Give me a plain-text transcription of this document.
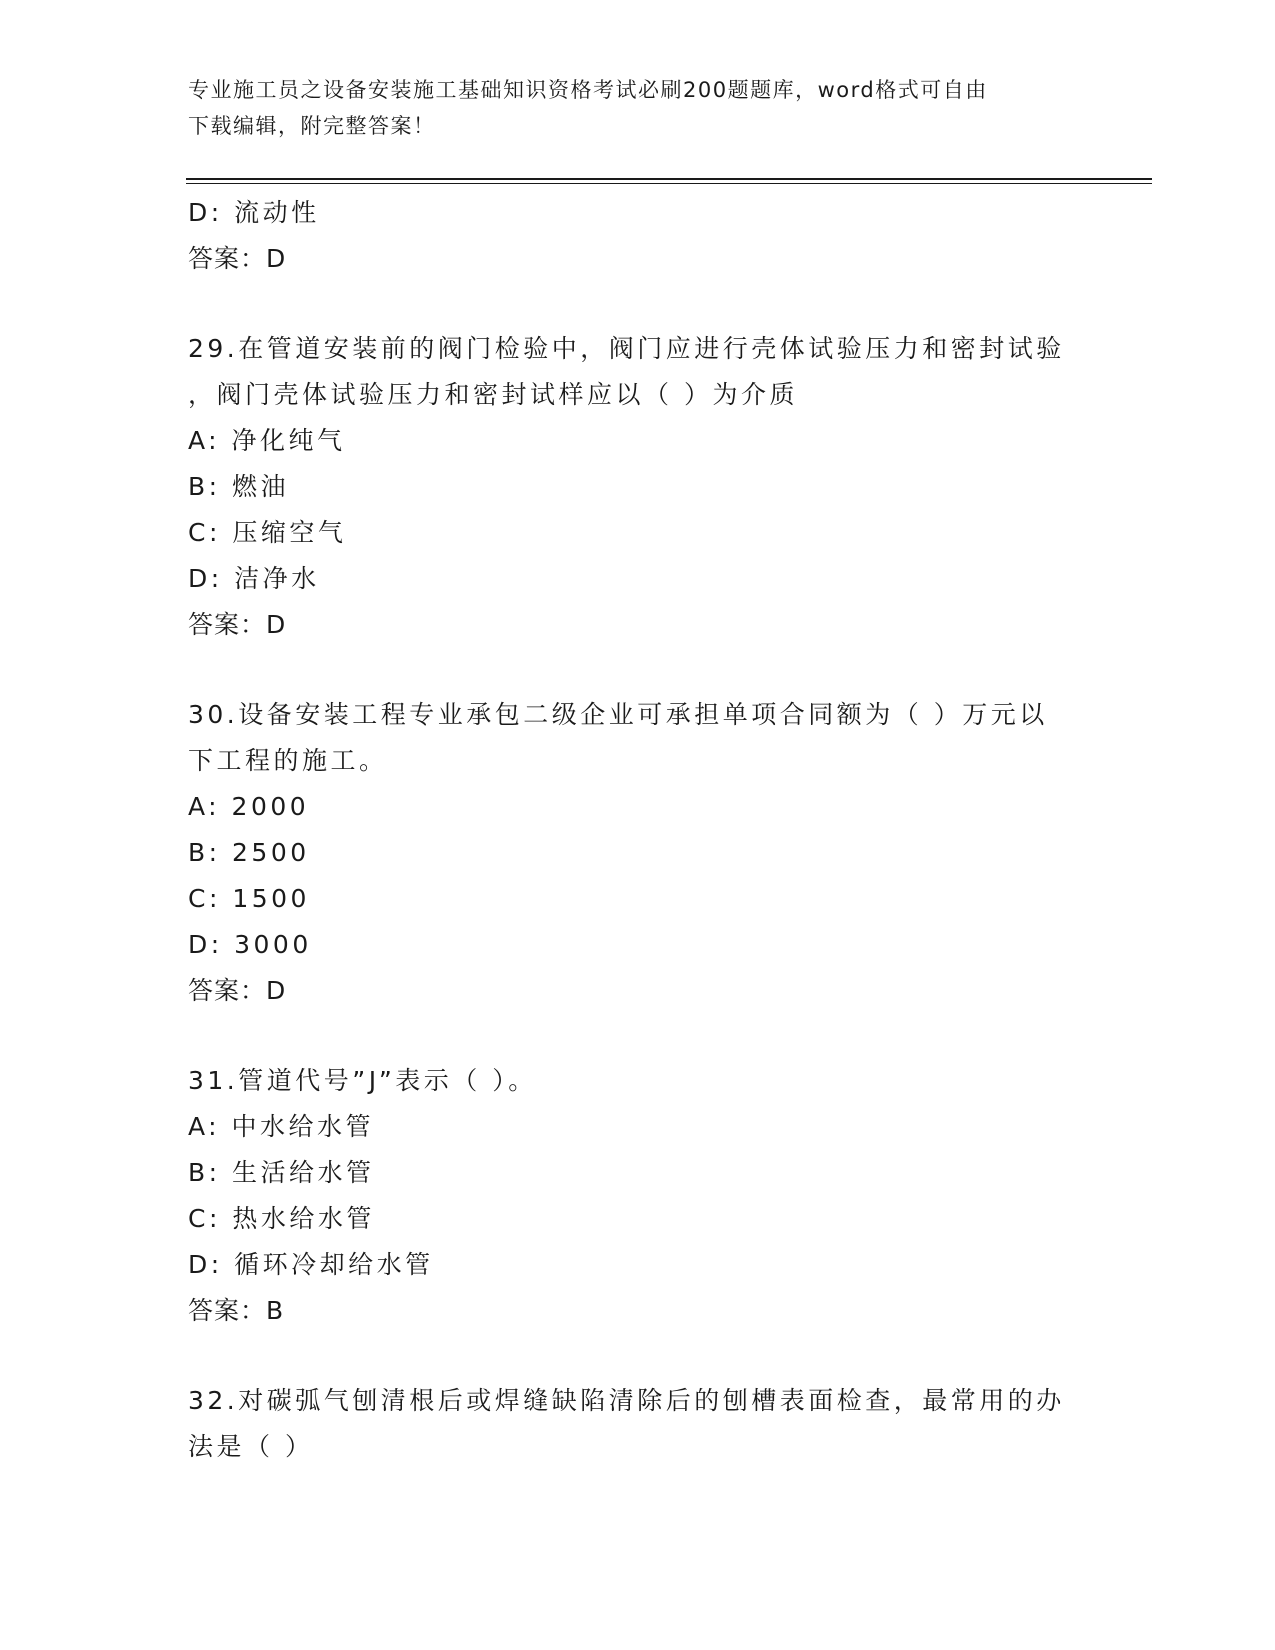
专业施工员之设备安装施工基础知识资格考试必刷200题题库，word格式可自由
下载编辑，附完整答案！
D: 流动性
答案：D
29.在管道安装前的阀门检验中，阀门应进行壳体试验压力和密封试验
，阀门壳体试验压力和密封试样应以（ ）为介质
A: 净化纯气
B: 燃油
C: 压缩空气
D: 洁净水
答案：D
30.设备安装工程专业承包二级企业可承担单项合同额为（ ）万元以
下工程的施工。
A: 2000
B: 2500
C: 1500
D: 3000
答案：D
31.管道代号”J”表示（ ）。
A: 中水给水管
B: 生活给水管
C: 热水给水管
D: 循环冷却给水管
答案：B
32.对碳弧气刨清根后或焊缝缺陷清除后的刨槽表面检查，最常用的办
法是（ ）
